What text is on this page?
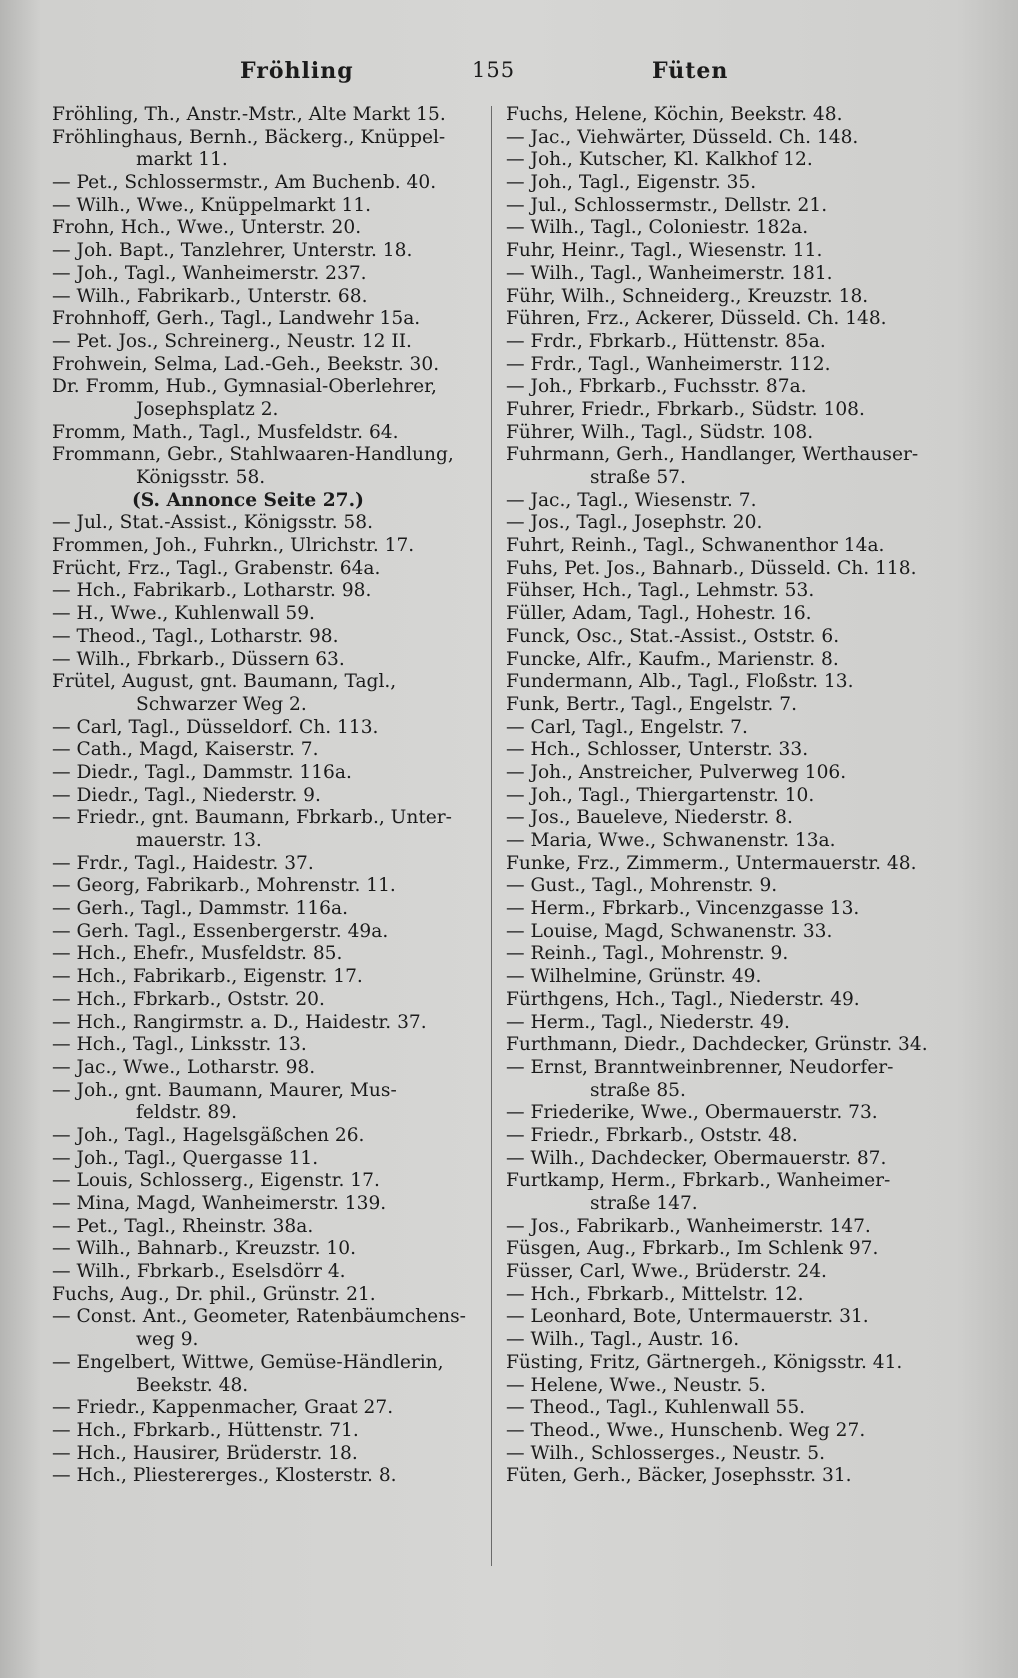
Fröhling	155	Füten
Fröhling, Th., Anstr.-Mstr., Alte Markt 15.
Fröhlinghaus, Bernh., Bäckerg., Knüppel-
markt 11.
— Pet., Schlossermstr., Am Buchenb. 40.
— Wilh., Wwe., Knüppelmarkt 11.
Frohn, Hch., Wwe., Unterstr. 20.
— Joh. Bapt., Tanzlehrer, Unterstr. 18.
— Joh., Tagl., Wanheimerstr. 237.
— Wilh., Fabrikarb., Unterstr. 68.
Frohnhoff, Gerh., Tagl., Landwehr 15a.
— Pet. Jos., Schreinerg., Neustr. 12 II.
Frohwein, Selma, Lad.-Geh., Beekstr. 30.
Dr. Fromm, Hub., Gymnasial-Oberlehrer,
Josephsplatz 2.
Fromm, Math., Tagl., Musfeldstr. 64.
Frommann, Gebr., Stahlwaaren-Handlung,
Königsstr. 58.
(S. Annonce Seite 27.)
— Jul., Stat.-Assist., Königsstr. 58.
Frommen, Joh., Fuhrkn., Ulrichstr. 17.
Frücht, Frz., Tagl., Grabenstr. 64a.
— Hch., Fabrikarb., Lotharstr. 98.
— H., Wwe., Kuhlenwall 59.
— Theod., Tagl., Lotharstr. 98.
— Wilh., Fbrkarb., Düssern 63.
Frütel, August, gnt. Baumann, Tagl.,
Schwarzer Weg 2.
— Carl, Tagl., Düsseldorf. Ch. 113.
— Cath., Magd, Kaiserstr. 7.
— Diedr., Tagl., Dammstr. 116a.
— Diedr., Tagl., Niederstr. 9.
— Friedr., gnt. Baumann, Fbrkarb., Unter-
mauerstr. 13.
— Frdr., Tagl., Haidestr. 37.
— Georg, Fabrikarb., Mohrenstr. 11.
— Gerh., Tagl., Dammstr. 116a.
— Gerh. Tagl., Essenbergerstr. 49a.
— Hch., Ehefr., Musfeldstr. 85.
— Hch., Fabrikarb., Eigenstr. 17.
— Hch., Fbrkarb., Oststr. 20.
— Hch., Rangirmstr. a. D., Haidestr. 37.
— Hch., Tagl., Linksstr. 13.
— Jac., Wwe., Lotharstr. 98.
— Joh., gnt. Baumann, Maurer, Mus-
feldstr. 89.
— Joh., Tagl., Hagelsgäßchen 26.
— Joh., Tagl., Quergasse 11.
— Louis, Schlosserg., Eigenstr. 17.
— Mina, Magd, Wanheimerstr. 139.
— Pet., Tagl., Rheinstr. 38a.
— Wilh., Bahnarb., Kreuzstr. 10.
— Wilh., Fbrkarb., Eselsdörr 4.
Fuchs, Aug., Dr. phil., Grünstr. 21.
— Const. Ant., Geometer, Ratenbäumchens-
weg 9.
— Engelbert, Wittwe, Gemüse-Händlerin,
Beekstr. 48.
— Friedr., Kappenmacher, Graat 27.
— Hch., Fbrkarb., Hüttenstr. 71.
— Hch., Hausirer, Brüderstr. 18.
— Hch., Pliestererges., Klosterstr. 8.
Fuchs, Helene, Köchin, Beekstr. 48.
— Jac., Viehwärter, Düsseld. Ch. 148.
— Joh., Kutscher, Kl. Kalkhof 12.
— Joh., Tagl., Eigenstr. 35.
— Jul., Schlossermstr., Dellstr. 21.
— Wilh., Tagl., Coloniestr. 182a.
Fuhr, Heinr., Tagl., Wiesenstr. 11.
— Wilh., Tagl., Wanheimerstr. 181.
Führ, Wilh., Schneiderg., Kreuzstr. 18.
Führen, Frz., Ackerer, Düsseld. Ch. 148.
— Frdr., Fbrkarb., Hüttenstr. 85a.
— Frdr., Tagl., Wanheimerstr. 112.
— Joh., Fbrkarb., Fuchsstr. 87a.
Fuhrer, Friedr., Fbrkarb., Südstr. 108.
Führer, Wilh., Tagl., Südstr. 108.
Fuhrmann, Gerh., Handlanger, Werthauser-
straße 57.
— Jac., Tagl., Wiesenstr. 7.
— Jos., Tagl., Josephstr. 20.
Fuhrt, Reinh., Tagl., Schwanenthor 14a.
Fuhs, Pet. Jos., Bahnarb., Düsseld. Ch. 118.
Fühser, Hch., Tagl., Lehmstr. 53.
Füller, Adam, Tagl., Hohestr. 16.
Funck, Osc., Stat.-Assist., Oststr. 6.
Funcke, Alfr., Kaufm., Marienstr. 8.
Fundermann, Alb., Tagl., Floßstr. 13.
Funk, Bertr., Tagl., Engelstr. 7.
— Carl, Tagl., Engelstr. 7.
— Hch., Schlosser, Unterstr. 33.
— Joh., Anstreicher, Pulverweg 106.
— Joh., Tagl., Thiergartenstr. 10.
— Jos., Baueleve, Niederstr. 8.
— Maria, Wwe., Schwanenstr. 13a.
Funke, Frz., Zimmerm., Untermauerstr. 48.
— Gust., Tagl., Mohrenstr. 9.
— Herm., Fbrkarb., Vincenzgasse 13.
— Louise, Magd, Schwanenstr. 33.
— Reinh., Tagl., Mohrenstr. 9.
— Wilhelmine, Grünstr. 49.
Fürthgens, Hch., Tagl., Niederstr. 49.
— Herm., Tagl., Niederstr. 49.
Furthmann, Diedr., Dachdecker, Grünstr. 34.
— Ernst, Branntweinbrenner, Neudorfer-
straße 85.
— Friederike, Wwe., Obermauerstr. 73.
— Friedr., Fbrkarb., Oststr. 48.
— Wilh., Dachdecker, Obermauerstr. 87.
Furtkamp, Herm., Fbrkarb., Wanheimer-
straße 147.
— Jos., Fabrikarb., Wanheimerstr. 147.
Füsgen, Aug., Fbrkarb., Im Schlenk 97.
Füsser, Carl, Wwe., Brüderstr. 24.
— Hch., Fbrkarb., Mittelstr. 12.
— Leonhard, Bote, Untermauerstr. 31.
— Wilh., Tagl., Austr. 16.
Füsting, Fritz, Gärtnergeh., Königsstr. 41.
— Helene, Wwe., Neustr. 5.
— Theod., Tagl., Kuhlenwall 55.
— Theod., Wwe., Hunschenb. Weg 27.
— Wilh., Schlosserges., Neustr. 5.
Füten, Gerh., Bäcker, Josephsstr. 31.
